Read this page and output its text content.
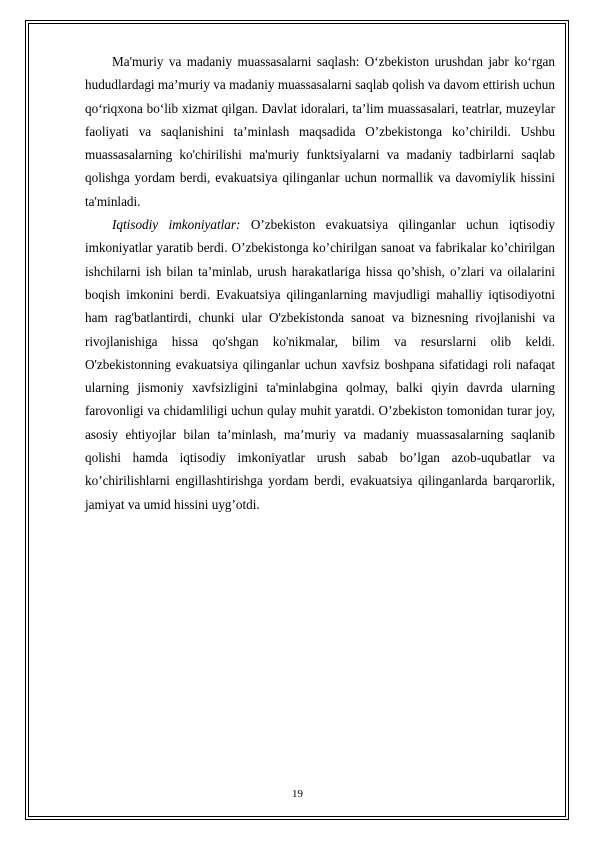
Ma'muriy va madaniy muassasalarni saqlash: O‘zbekiston urushdan jabr ko‘rgan hududlardagi ma’muriy va madaniy muassasalarni saqlab qolish va davom ettirish uchun qo‘riqxona bo‘lib xizmat qilgan. Davlat idoralari, ta’lim muassasalari, teatrlar, muzeylar faoliyati va saqlanishini ta’minlash maqsadida O’zbekistonga ko’chirildi. Ushbu muassasalarning ko'chirilishi ma'muriy funktsiyalarni va madaniy tadbirlarni saqlab qolishga yordam berdi, evakuatsiya qilinganlar uchun normallik va davomiylik hissini ta'minladi.

Iqtisodiy imkoniyatlar: O’zbekiston evakuatsiya qilinganlar uchun iqtisodiy imkoniyatlar yaratib berdi. O’zbekistonga ko’chirilgan sanoat va fabrikalar ko’chirilgan ishchilarni ish bilan ta’minlab, urush harakatlariga hissa qo’shish, o’zlari va oilalarini boqish imkonini berdi. Evakuatsiya qilinganlarning mavjudligi mahalliy iqtisodiyotni ham rag'batlantirdi, chunki ular O'zbekistonda sanoat va biznesning rivojlanishi va rivojlanishiga hissa qo'shgan ko'nikmalar, bilim va resurslarni olib keldi. O'zbekistonning evakuatsiya qilinganlar uchun xavfsiz boshpana sifatidagi roli nafaqat ularning jismoniy xavfsizligini ta'minlabgina qolmay, balki qiyin davrda ularning farovonligi va chidamliligi uchun qulay muhit yaratdi. O’zbekiston tomonidan turar joy, asosiy ehtiyojlar bilan ta’minlash, ma’muriy va madaniy muassasalarning saqlanib qolishi hamda iqtisodiy imkoniyatlar urush sabab bo’lgan azob-uqubatlar va ko’chirilishlarni engillashtirishga yordam berdi, evakuatsiya qilinganlarda barqarorlik, jamiyat va umid hissini uyg’otdi.

19
